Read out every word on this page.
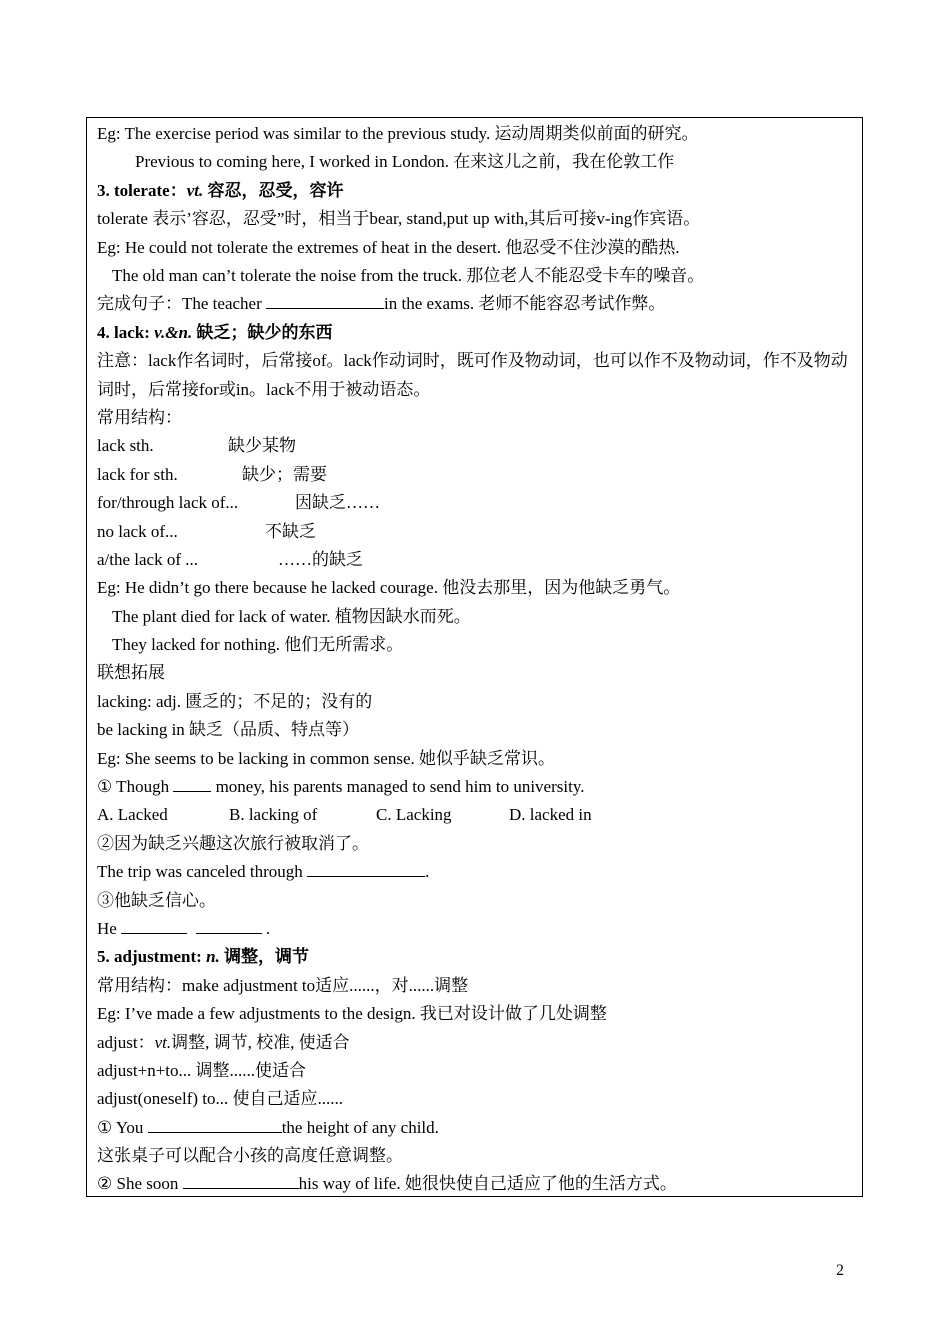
Eg: The exercise period was similar to the previous study. 运动周期类似前面的研究。
Previous to coming here, I worked in London. 在来这儿之前，我在伦敦工作
3. tolerate：vt. 容忍，忍受，容许
tolerate 表示’容忍，忍受”时，相当于bear, stand,put up with,其后可接v-ing作宾语。
Eg: He could not tolerate the extremes of heat in the desert. 他忍受不住沙漠的酷热.
The old man can’t tolerate the noise from the truck. 那位老人不能忍受卡车的噪音。
完成句子：The teacher	in the exams. 老师不能容忍考试作弊。
4. lack: v.&n. 缺乏；缺少的东西
注意：lack作名词时，后常接of。lack作动词时，既可作及物动词，也可以作不及物动词，作不及物动词时，后常接for或in。lack不用于被动语态。
常用结构：
lack sth.	缺少某物
lack for sth.	缺少；需要
for/through lack of...	因缺乏……
no lack of...	不缺乏
a/the lack of ...	……的缺乏
Eg: He didn’t go there because he lacked courage. 他没去那里，因为他缺乏勇气。
The plant died for lack of water. 植物因缺水而死。
They lacked for nothing. 他们无所需求。
联想拓展
lacking: adj. 匮乏的；不足的；没有的
be lacking in 缺乏（品质、特点等）
Eg: She seems to be lacking in common sense. 她似乎缺乏常识。
① Though  money, his parents managed to send him to university.
A. Lacked	B. lacking of	C. Lacking	D. lacked in
②因为缺乏兴趣这次旅行被取消了。
The trip was canceled through	.
③他缺乏信心。
He	.
5. adjustment: n. 调整，调节
常用结构：make adjustment to适应......，对......调整
Eg: I’ve made a few adjustments to the design. 我已对设计做了几处调整
adjust：vt.调整, 调节, 校准, 使适合
adjust+n+to... 调整......使适合
adjust(oneself) to... 使自己适应......
① You	the height of any child.
这张桌子可以配合小孩的高度任意调整。
② She soon	his way of life. 她很快使自己适应了他的生活方式。
2
